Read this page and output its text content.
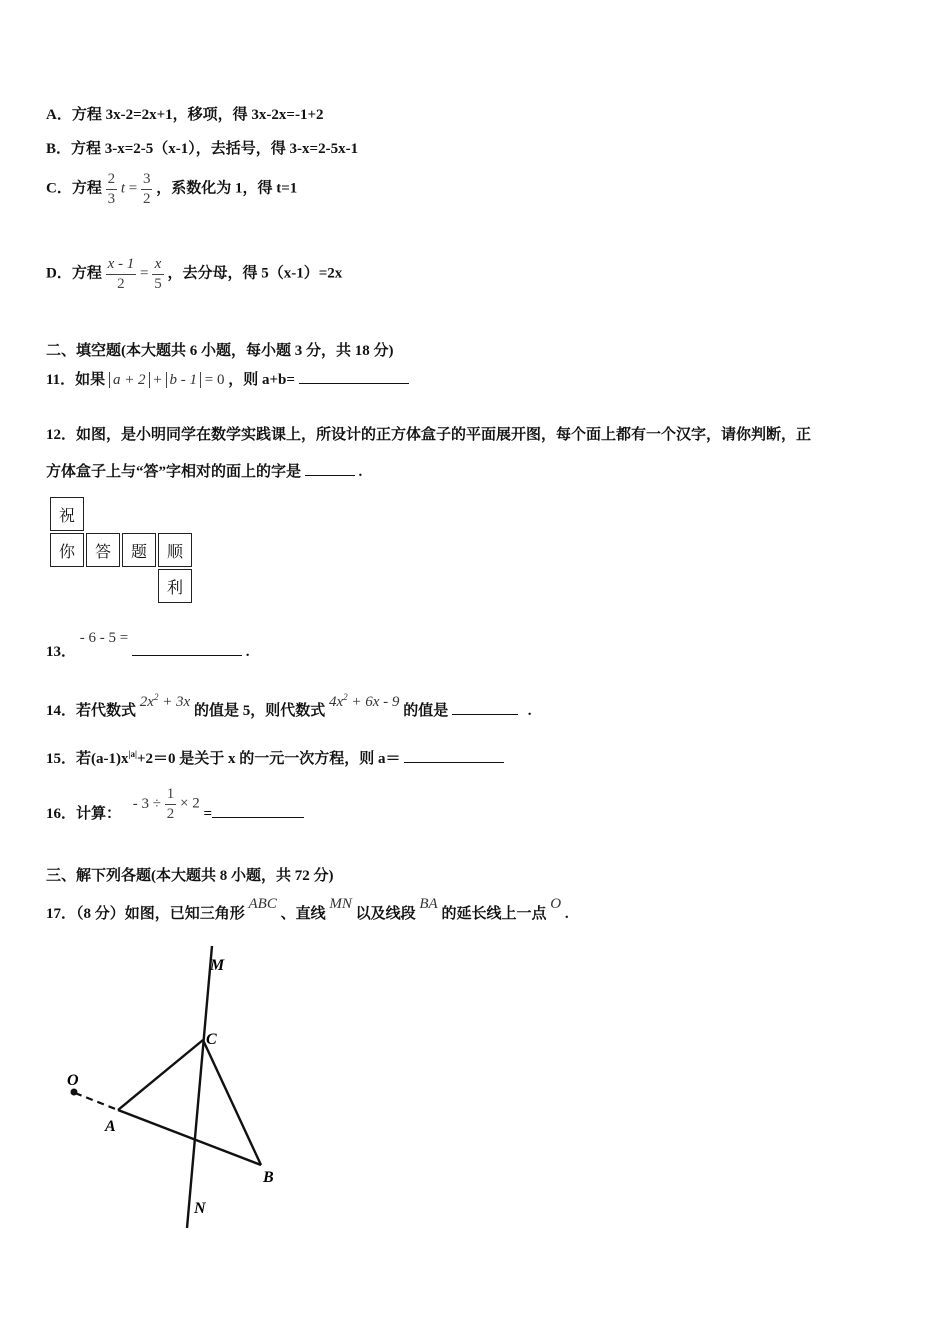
A．方程 3x-2=2x+1，移项，得 3x-2x=-1+2
B．方程 3-x=2-5（x-1），去括号，得 3-x=2-5x-1
C．方程 $\frac{2}{3}$ $t = \frac{3}{2}$ ，系数化为 1，得 t=1
D．方程 $\frac{x - 1}{2} = \frac{x}{5}$ ，去分母，得 5（x-1）=2x
二、填空题(本大题共 6 小题，每小题 3 分，共 18 分)
11．如果 a + 2 + b - 1 = 0 ，则 a+b=
12．如图，是小明同学在数学实践课上，所设计的正方体盒子的平面展开图，每个面上都有一个汉字，请你判断，正
方体盒子上与“答”字相对的面上的字是	.
祝
你	答	题	顺
利
13． - 6 - 5 =  .
14．若代数式 $2x^2 + 3x$ 的值是 5，则代数式 $4x^2 + 6x - 9$ 的值是	.
15．若$(a-1)x^{|a|}+2=0$ 是关于 x 的一元一次方程，则 a＝
16．计算： - $3 \div \frac{1}{2} \times 2$ =
三、解下列各题(本大题共 8 小题，共 72 分)
17．（8 分）如图，已知三角形 ABC 、直线 MN 以及线段 BA 的延长线上一点 O .
M
C
O
A
B
N
